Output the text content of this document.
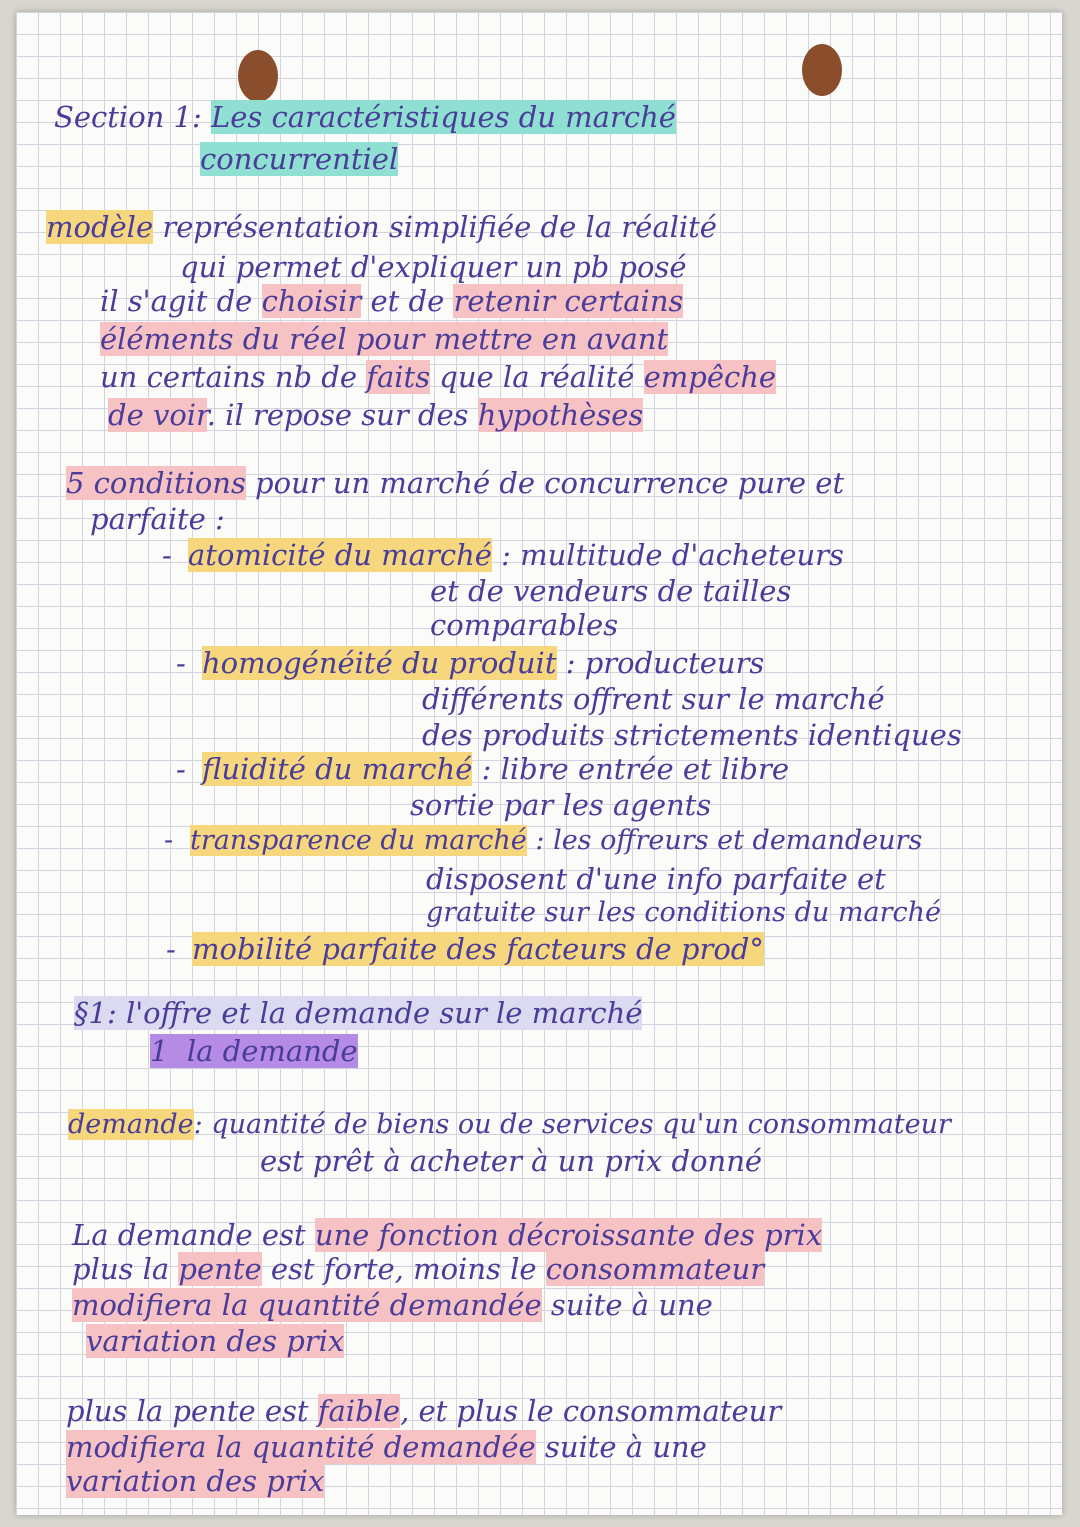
Section 1: Les caractéristiques du marché
concurrentiel
modèle représentation simplifiée de la réalité
qui permet d'expliquer un pb posé
il s'agit de choisir et de retenir certains
éléments du réel pour mettre en avant
un certains nb de faits que la réalité empêche
de voir. il repose sur des hypothèses
5 conditions pour un marché de concurrence pure et
parfaite :
- atomicité du marché : multitude d'acheteurs
et de vendeurs de tailles
comparables
- homogénéité du produit : producteurs
différents offrent sur le marché
des produits strictements identiques
- fluidité du marché : libre entrée et libre
sortie par les agents
- transparence du marché : les offreurs et demandeurs
disposent d'une info parfaite et
gratuite sur les conditions du marché
- mobilité parfaite des facteurs de prod°
§1: l'offre et la demande sur le marché
1 la demande
demande: quantité de biens ou de services qu'un consommateur
est prêt à acheter à un prix donné
La demande est une fonction décroissante des prix
plus la pente est forte, moins le consommateur
modifiera la quantité demandée suite à une
variation des prix
plus la pente est faible, et plus le consommateur
modifiera la quantité demandée suite à une
variation des prix
